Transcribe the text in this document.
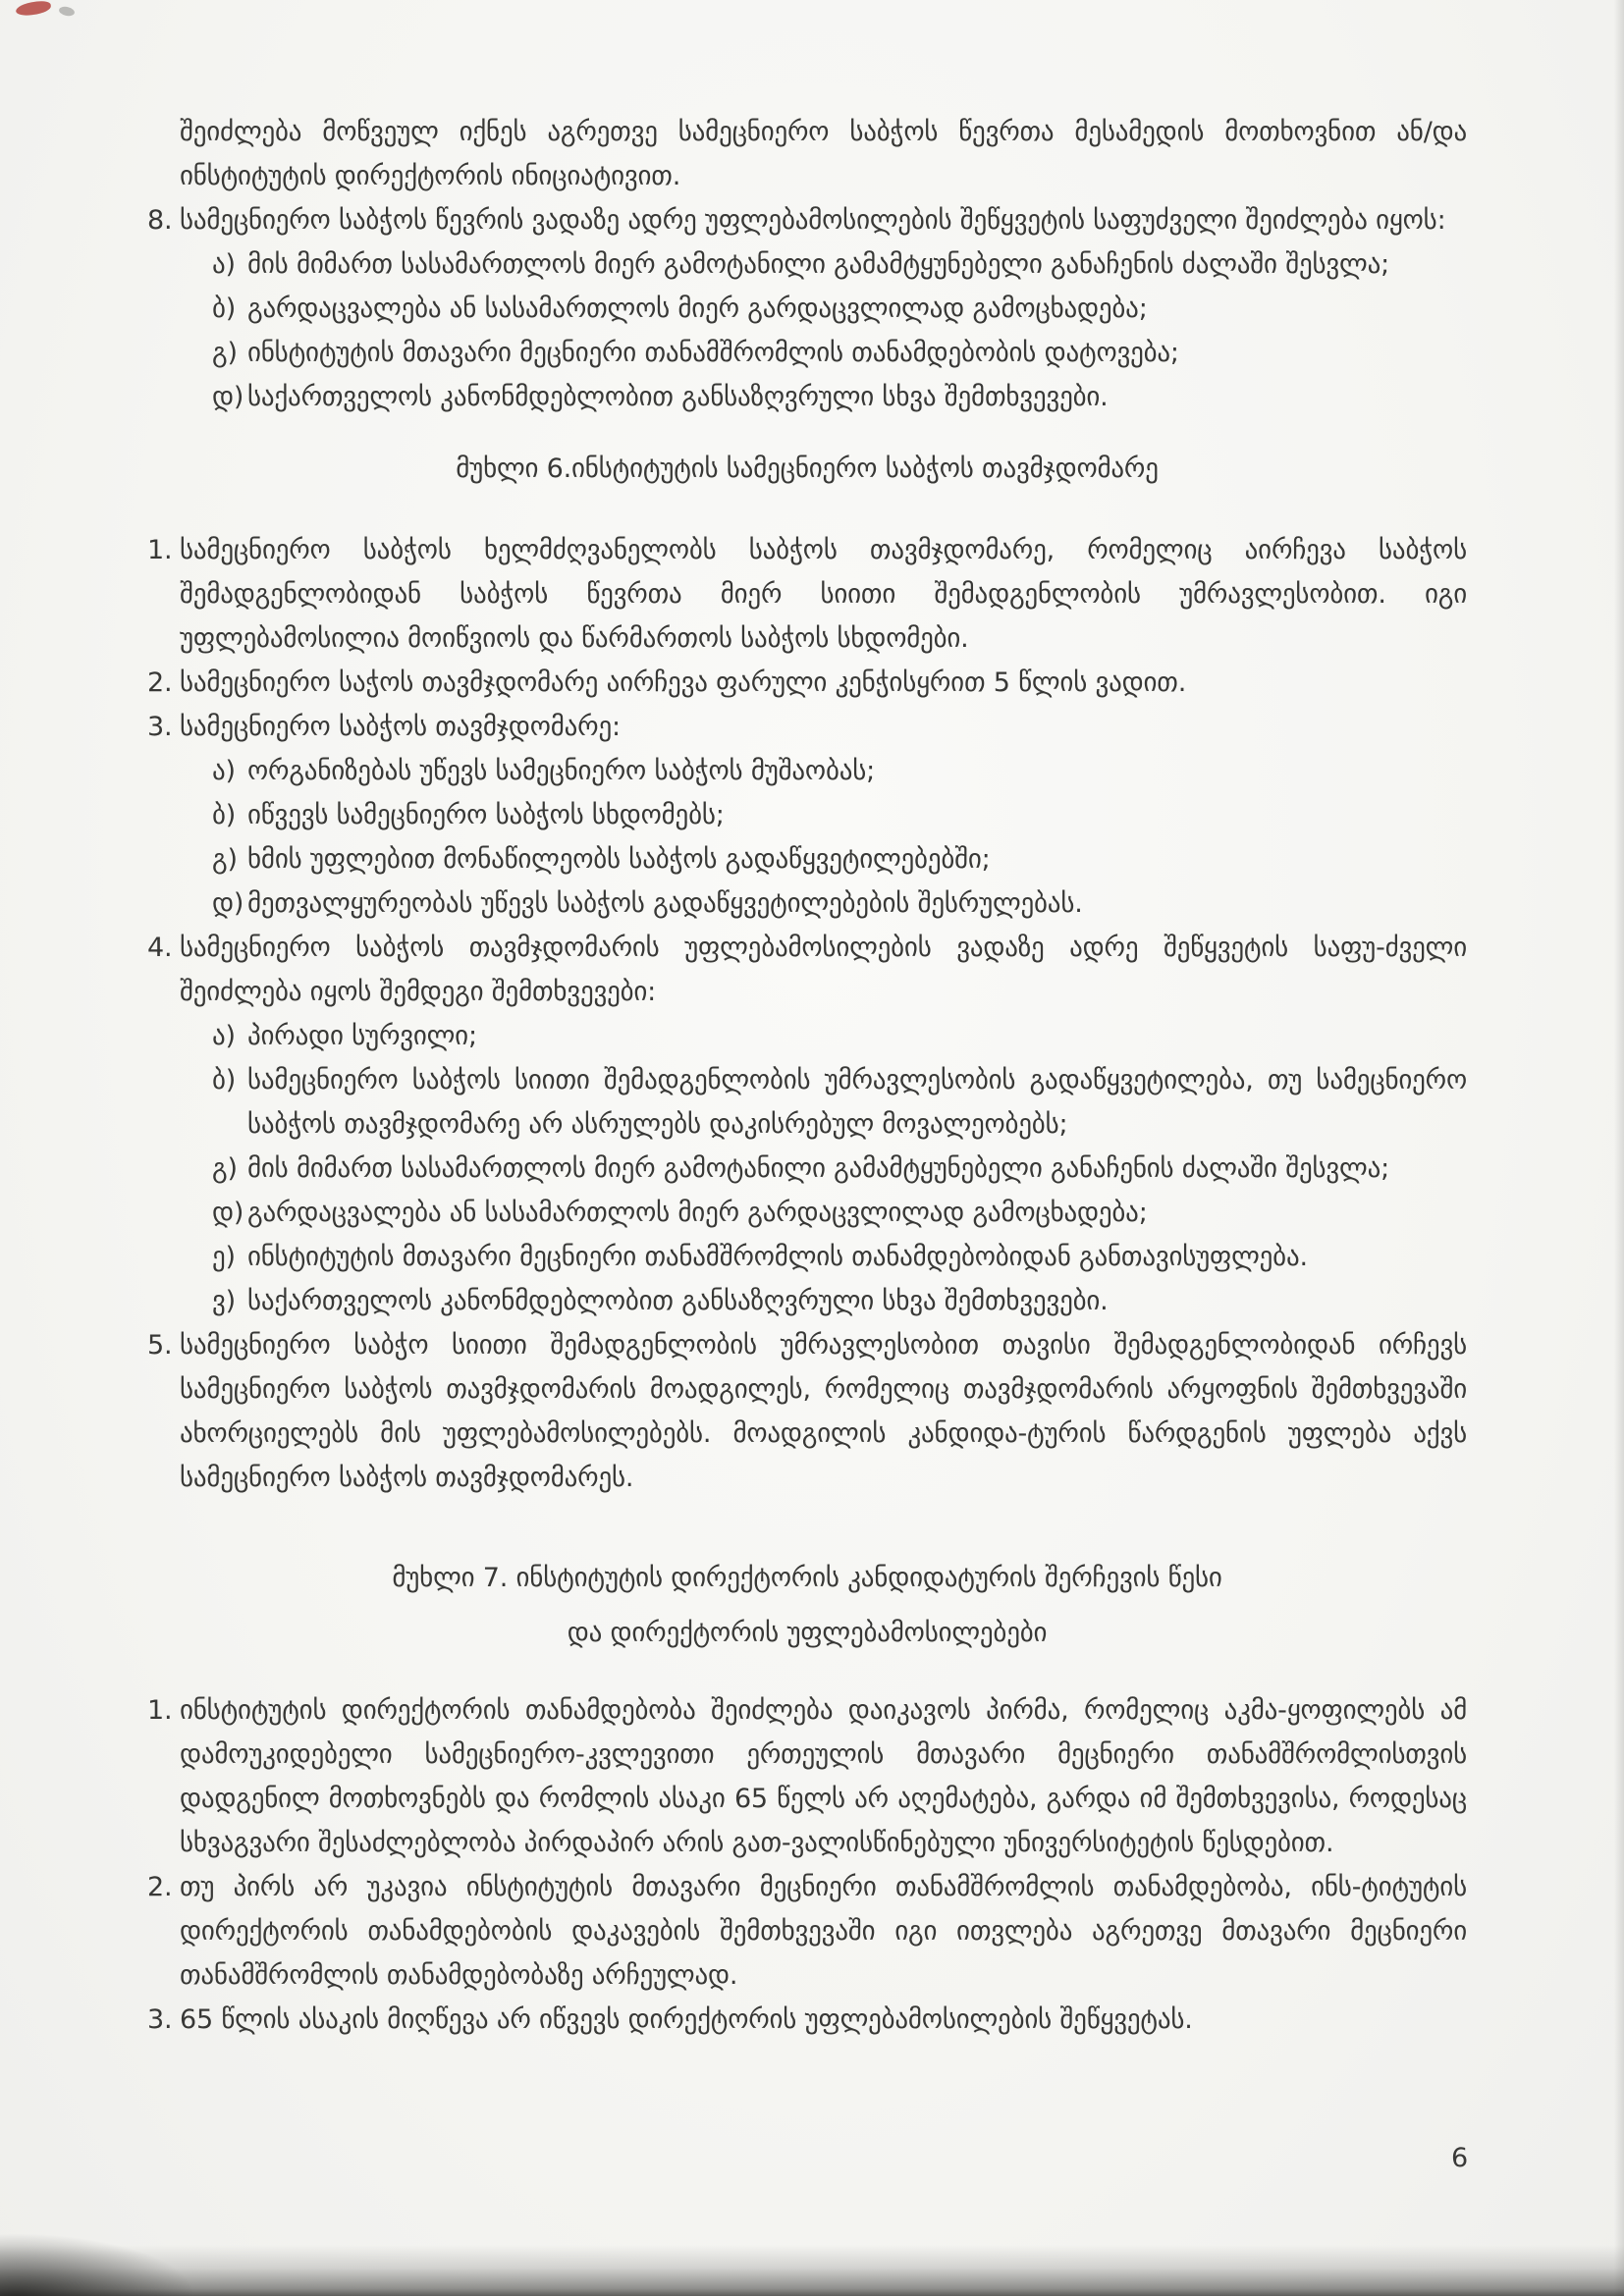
შეიძლება მოწვეულ იქნეს აგრეთვე სამეცნიერო საბჭოს წევრთა მესამედის მოთხოვნით ან/და ინსტიტუტის დირექტორის ინიციატივით.

8. სამეცნიერო საბჭოს წევრის ვადაზე ადრე უფლებამოსილების შეწყვეტის საფუძველი შეიძლება იყოს:

ა) მის მიმართ სასამართლოს მიერ გამოტანილი გამამტყუნებელი განაჩენის ძალაში შესვლა;

ბ) გარდაცვალება ან სასამართლოს მიერ გარდაცვლილად გამოცხადება;

გ) ინსტიტუტის მთავარი მეცნიერი თანამშრომლის თანამდებობის დატოვება;

დ) საქართველოს კანონმდებლობით განსაზღვრული სხვა შემთხვევები.

მუხლი 6.ინსტიტუტის სამეცნიერო საბჭოს თავმჯდომარე
1. სამეცნიერო საბჭოს ხელმძღვანელობს საბჭოს თავმჯდომარე, რომელიც აირჩევა საბჭოს შემადგენლობიდან საბჭოს წევრთა მიერ სიითი შემადგენლობის უმრავლესობით. იგი უფლებამოსილია მოიწვიოს და წარმართოს საბჭოს სხდომები.

2. სამეცნიერო საჭოს თავმჯდომარე აირჩევა ფარული კენჭისყრით 5 წლის ვადით.

3. სამეცნიერო საბჭოს თავმჯდომარე:

ა) ორგანიზებას უწევს სამეცნიერო საბჭოს მუშაობას;

ბ) იწვევს სამეცნიერო საბჭოს სხდომებს;

გ) ხმის უფლებით მონაწილეობს საბჭოს გადაწყვეტილებებში;

დ) მეთვალყურეობას უწევს საბჭოს გადაწყვეტილებების შესრულებას.

4. სამეცნიერო საბჭოს თავმჯდომარის უფლებამოსილების ვადაზე ადრე შეწყვეტის საფუ-ძველი შეიძლება იყოს შემდეგი შემთხვევები:

ა) პირადი სურვილი;

ბ) სამეცნიერო საბჭოს სიითი შემადგენლობის უმრავლესობის გადაწყვეტილება, თუ სამეცნიერო საბჭოს თავმჯდომარე არ ასრულებს დაკისრებულ მოვალეობებს;

გ) მის მიმართ სასამართლოს მიერ გამოტანილი გამამტყუნებელი განაჩენის ძალაში შესვლა;

დ) გარდაცვალება ან სასამართლოს მიერ გარდაცვლილად გამოცხადება;

ე) ინსტიტუტის მთავარი მეცნიერი თანამშრომლის თანამდებობიდან განთავისუფლება.

ვ) საქართველოს კანონმდებლობით განსაზღვრული სხვა შემთხვევები.

5. სამეცნიერო საბჭო სიითი შემადგენლობის უმრავლესობით თავისი შემადგენლობიდან ირჩევს სამეცნიერო საბჭოს თავმჯდომარის მოადგილეს, რომელიც თავმჯდომარის არყოფნის შემთხვევაში ახორციელებს მის უფლებამოსილებებს. მოადგილის კანდიდა-ტურის წარდგენის უფლება აქვს სამეცნიერო საბჭოს თავმჯდომარეს.

მუხლი 7. ინსტიტუტის დირექტორის კანდიდატურის შერჩევის წესი
და დირექტორის უფლებამოსილებები
1. ინსტიტუტის დირექტორის თანამდებობა შეიძლება დაიკავოს პირმა, რომელიც აკმა-ყოფილებს ამ დამოუკიდებელი სამეცნიერო-კვლევითი ერთეულის მთავარი მეცნიერი თანამშრომლისთვის დადგენილ მოთხოვნებს და რომლის ასაკი 65 წელს არ აღემატება, გარდა იმ შემთხვევისა, როდესაც სხვაგვარი შესაძლებლობა პირდაპირ არის გათ-ვალისწინებული უნივერსიტეტის წესდებით.

2. თუ პირს არ უკავია ინსტიტუტის მთავარი მეცნიერი თანამშრომლის თანამდებობა, ინს-ტიტუტის დირექტორის თანამდებობის დაკავების შემთხვევაში იგი ითვლება აგრეთვე მთავარი მეცნიერი თანამშრომლის თანამდებობაზე არჩეულად.

3. 65 წლის ასაკის მიღწევა არ იწვევს დირექტორის უფლებამოსილების შეწყვეტას.

6
